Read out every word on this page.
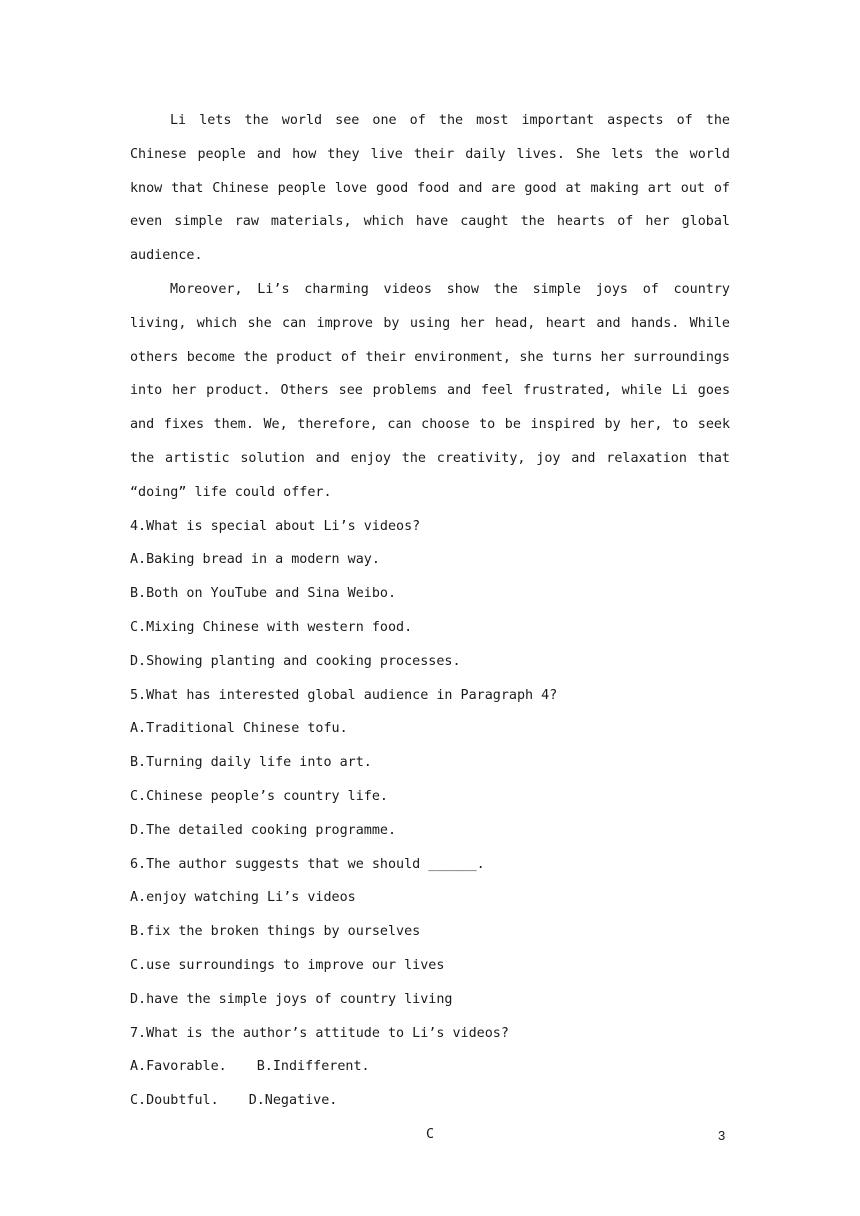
Li lets the world see one of the most important aspects of the Chinese people and how they live their daily lives. She lets the world know that Chinese people love good food and are good at making art out of even simple raw materials, which have caught the hearts of her global audience.

Moreover, Li’s charming videos show the simple joys of country living, which she can improve by using her head, heart and hands. While others become the product of their environment, she turns her surroundings into her product. Others see problems and feel frustrated, while Li goes and fixes them. We, therefore, can choose to be inspired by her, to seek the artistic solution and enjoy the creativity, joy and relaxation that “doing” life could offer.

4.What is special about Li’s videos?

A.Baking bread in a modern way.

B.Both on YouTube and Sina Weibo.

C.Mixing Chinese with western food.

D.Showing planting and cooking processes.

5.What has interested global audience in Paragraph 4?

A.Traditional Chinese tofu.

B.Turning daily life into art.

C.Chinese people’s country life.

D.The detailed cooking programme.

6.The author suggests that we should ______.

A.enjoy watching Li’s videos

B.fix the broken things by ourselves

C.use surroundings to improve our lives

D.have the simple joys of country living

7.What is the author’s attitude to Li’s videos?

A.Favorable. B.Indifferent.

C.Doubtful. D.Negative.

C	3
